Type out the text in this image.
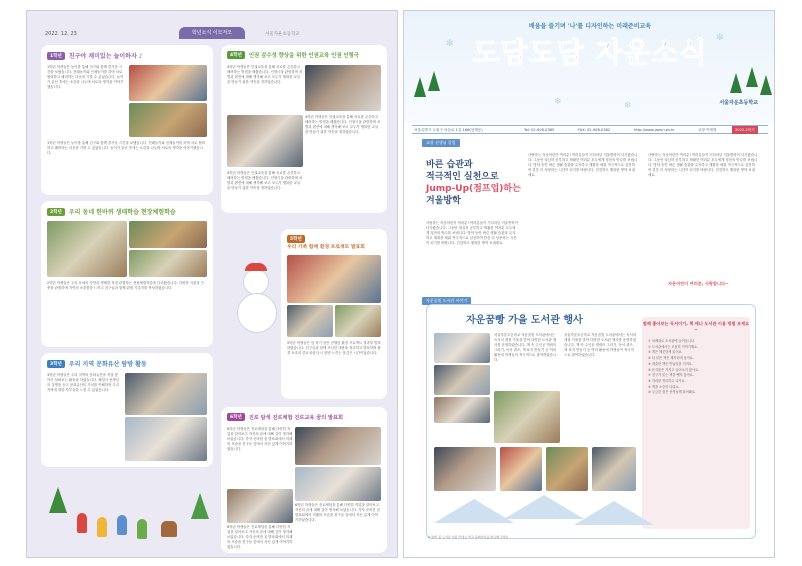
2022. 12. 23	학년소식 이모저모	서울자운초등학교
1학년 친구야 재미있는 놀이하자 ♪
1학년 학생들은 놀이를 통해 친구와 함께 즐거운 시간을 보냈습니다. 전래놀이와 신체놀이를 하며 서로 협력하고 배려하는 마음을 기를 수 있었습니다. 놀이가 끝난 후에는 소감을 나누며 서로의 생각을 이야기했습니다.
1학년 학생들은 놀이를 통해 친구와 함께 즐거운 시간을 보냈습니다. 전래놀이와 신체놀이를 하며 서로 협력하고 배려하는 마음을 기를 수 있었습니다. 놀이가 끝난 후에는 소감을 나누며 서로의 생각을 이야기했습니다.
2학년 우리 동네 한바퀴 생태학습 현장체험학습
2학년 학생들은 우리 동네의 자연과 생태를 직접 관찰하는 현장체험학습을 다녀왔습니다. 다양한 식물과 곤충을 관찰하며 자연의 소중함을 느끼고 친구들과 함께 관찰 기록지를 작성하였습니다.
3학년 우리 지역 문화유산 탐방 활동
3학년 학생들은 우리 지역의 문화유산을 직접 찾아가 살펴보는 활동을 하였습니다. 해설사 선생님의 설명을 듣고 문화유산의 가치를 이해하며 우리 지역에 대한 자부심을 느낄 수 있었습니다.
4학년 인권 감수성 향상을 위한 인권교육 인권 인형극
4학년 학생들은 인권교육을 통해 서로를 존중하고 배려하는 방법을 배웠습니다. 인형극을 관람하며 차별과 편견에 대해 생각해 보고 모두가 행복한 교실을 만들기 위한 약속을 정하였습니다.
4학년 학생들은 인권교육을 통해 서로를 존중하고 배려하는 방법을 배웠습니다. 인형극을 관람하며 차별과 편견에 대해 생각해 보고 모두가 행복한 교실을 만들기 위한 약속을 정하였습니다.
4학년 학생들은 인권교육을 통해 서로를 존중하고 배려하는 방법을 배웠습니다. 인형극을 관람하며 차별과 편견에 대해 생각해 보고 모두가 행복한 교실을 만들기 위한 약속을 정하였습니다.
5학년 우리 가족 함께 환경 프로젝트 발표회
5학년 학생들은 한 학기 동안 진행한 환경 프로젝트 결과를 발표하였습니다. 친구들과 함께 조사한 내용을 정리하고 발표하며 환경 보호의 중요성을 다시 한번 느끼는 뜻깊은 시간이었습니다.
6학년 진로 탐색 진로체험 진로교육 꿈의 발표회
6학년 학생들은 진로체험을 통해 다양한 직업을 알아보고 자신의 꿈에 대해 깊이 생각해 보았습니다. 각자 준비한 꿈 발표회에서 미래의 모습을 친구들 앞에서 자신 있게 이야기하였습니다.
6학년 학생들은 진로체험을 통해 다양한 직업을 알아보고 자신의 꿈에 대해 깊이 생각해 보았습니다. 각자 준비한 꿈 발표회에서 미래의 모습을 친구들 앞에서 자신 있게 이야기하였습니다.
6학년 학생들은 진로체험을 통해 다양한 직업을 알아보고 자신의 꿈에 대해 깊이 생각해 보았습니다. 각자 준비한 꿈 발표회에서 미래의 모습을 친구들 앞에서 자신 있게 이야기하였습니다.
✻
✻
❄	❄
배움을 즐기며 '나'를 디자인하는 미래준비교육
도담도담 자운소식
서울자운초등학교
서울특별시 노원구 마들로 1길 166(상계동)	Tel: 02-908-0385	FAX: 02-908-0382	http://www.jaeun.es.kr	교장 이재영	2022-2학기
교장 선생님 칼럼
바른 습관과
적극적인 실천으로
Jump-Up(점프업)하는
겨울방학
사랑하는 자운어린이 여러분! 여러분들이 기다리던 겨울방학이 다가왔습니다. 그동안 열심히 공부하고 생활한 여러분 모두에게 칭찬의 박수를 보냅니다. 방학 동안 바른 생활 습관을 유지하고 계획을 세워 적극적으로 실천하여 한층 더 성장하는 시간이 되기를 바랍니다. 건강하고 행복한 방학 보내세요.
사랑하는 자운어린이 여러분! 여러분들이 기다리던 겨울방학이 다가왔습니다. 그동안 열심히 공부하고 생활한 여러분 모두에게 칭찬의 박수를 보냅니다. 방학 동안 바른 생활 습관을 유지하고 계획을 세워 적극적으로 실천하여 한층 더 성장하는 시간이 되기를 바랍니다. 건강하고 행복한 방학 보내세요.
사랑하는 자운어린이 여러분! 여러분들이 기다리던 겨울방학이 다가왔습니다. 그동안 열심히 공부하고 생활한 여러분 모두에게 칭찬의 박수를 보냅니다. 방학 동안 바른 생활 습관을 유지하고 계획을 세워 적극적으로 실천하여 한층 더 성장하는 시간이 되기를 바랍니다. 건강하고 행복한 방학 보내세요.
자운어린이 여러분, 사랑합니다~
자운꿈빛 도서관 이야기
자운꿈빵 가을 도서관 행사
서울자운초등학교 자운꿈빛 도서관에서는 독서의 계절 가을을 맞아 다양한 도서관 행사를 운영하였습니다. 책 속 주인공 캐릭터 그리기, 독서 퀴즈, 책 표지 만들기 등 여러 활동에 학생들이 적극적으로 참여하였습니다.
서울자운초등학교 자운꿈빛 도서관에서는 독서의 계절 가을을 맞아 다양한 도서관 행사를 운영하였습니다. 책 속 주인공 캐릭터 그리기, 독서 퀴즈, 책 표지 만들기 등 여러 활동에 학생들이 적극적으로 참여하였습니다.
함께 좋아보는 독서이기, 책 매너 도서관 이용 방법 보세요~
① 차례대로 도서관에 들어옵니다.
② 도서관에서는 조용히 이야기해요.
③ 책은 깨끗하게 읽어요.
④ 다 읽은 책은 제자리에 꽂아요.
⑤ 대출한 책은 반납일을 지켜요.
⑥ 음식물은 가지고 들어오지 않아요.
⑦ 친구가 읽는 책을 뺏지 않아요.
⑧ 자리를 정리하고 나가요.
⑨ 책을 소중히 다뤄요.
⑩ 궁금한 점은 선생님께 물어봐요.
※ 방학 중 도서관 이용 안내는 학교 홈페이지를 참고해 주세요.
